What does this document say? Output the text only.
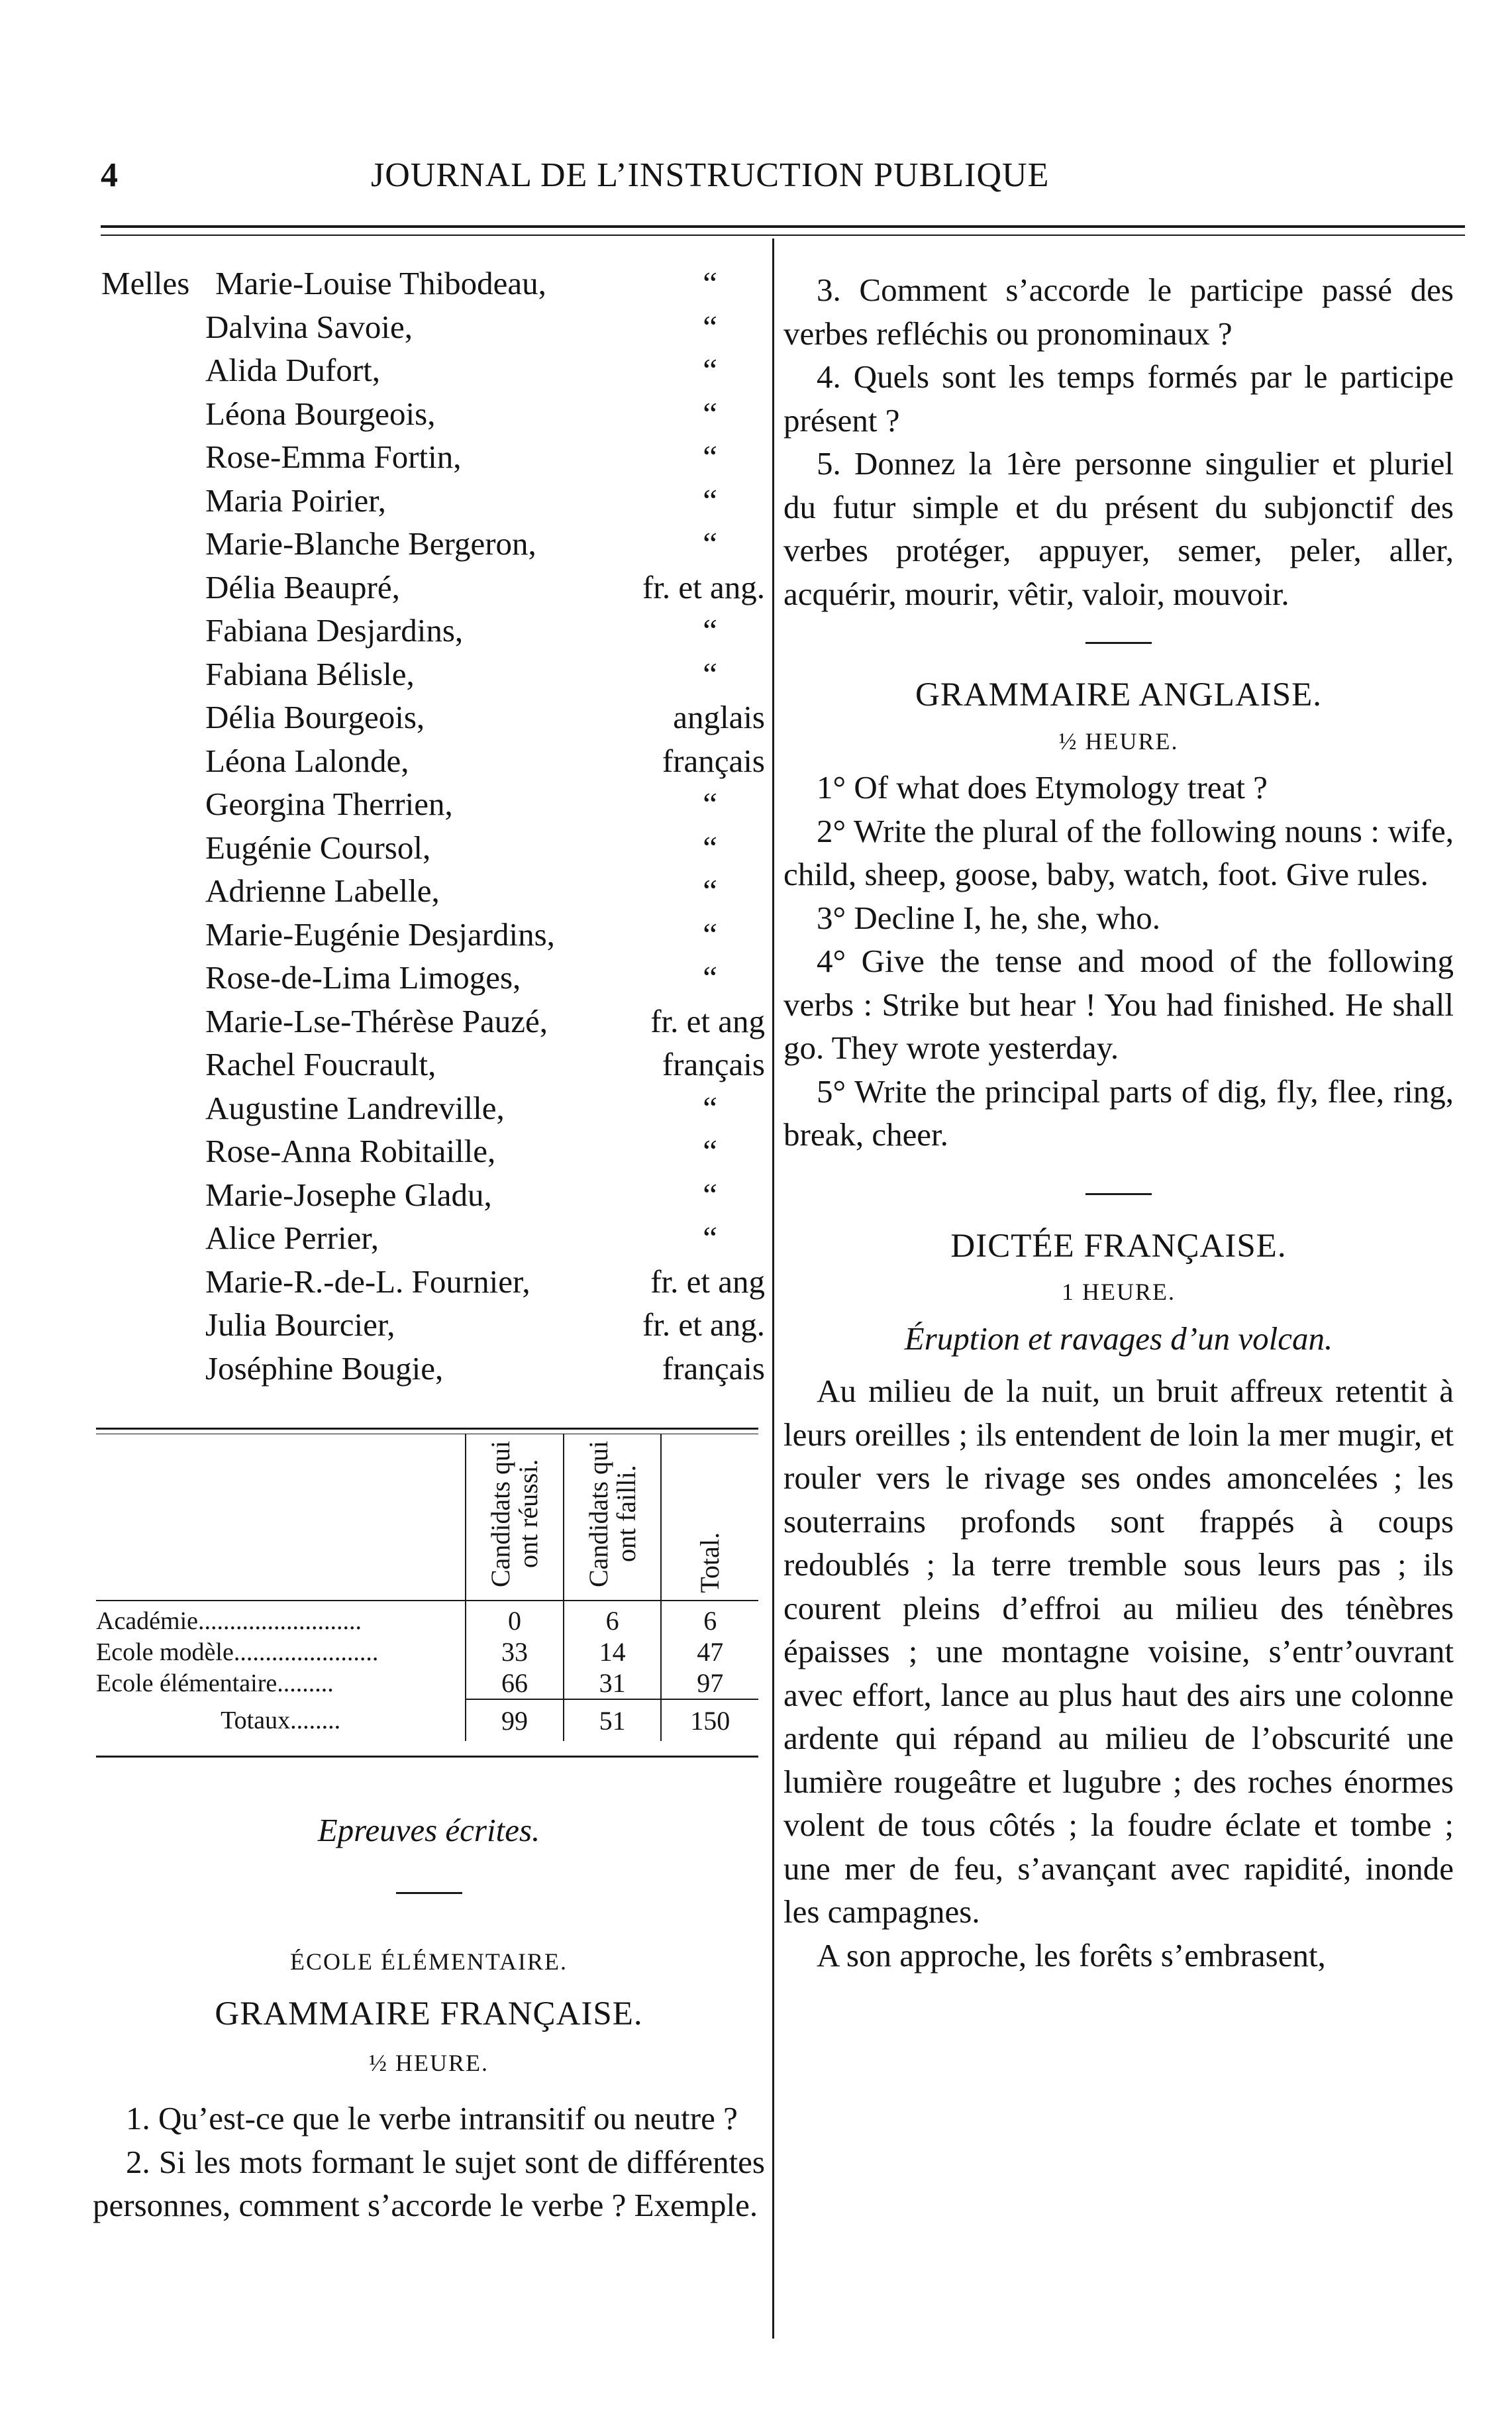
4	JOURNAL DE L’INSTRUCTION PUBLIQUE
Melles Marie-Louise Thibodeau,	“
Dalvina Savoie,	“
Alida Dufort,	“
Léona Bourgeois,	“
Rose-Emma Fortin,	“
Maria Poirier,	“
Marie-Blanche Bergeron,	“
Délia Beaupré,	fr. et ang.
Fabiana Desjardins,	“
Fabiana Bélisle,	“
Délia Bourgeois,	anglais
Léona Lalonde,	français
Georgina Therrien,	“
Eugénie Coursol,	“
Adrienne Labelle,	“
Marie-Eugénie Desjardins,	“
Rose-de-Lima Limoges,	“
Marie-Lse-Thérèse Pauzé,	fr. et ang
Rachel Foucrault,	français
Augustine Landreville,	“
Rose-Anna Robitaille,	“
Marie-Josephe Gladu,	“
Alice Perrier,	“
Marie-R.-de-L. Fournier,	fr. et ang
Julia Bourcier,	fr. et ang.
Joséphine Bougie,	français
	Candidats qui ont réussi.	Candidats qui ont failli.	Total.

Académie..........................	0	6	6
Ecole modèle.......................	33	14	47
Ecole élémentaire.........	66	31	97
Totaux........	99	51	150
Epreuves écrites.
ÉCOLE ÉLÉMENTAIRE.
GRAMMAIRE FRANÇAISE.
½ HEURE.
1. Qu’est-ce que le verbe intransitif ou neutre ?
2. Si les mots formant le sujet sont de différentes personnes, comment s’accorde le verbe ? Exemple.
3. Comment s’accorde le participe passé des verbes refléchis ou pronominaux ?
4. Quels sont les temps formés par le participe présent ?
5. Donnez la 1ère personne singulier et pluriel du futur simple et du présent du subjonctif des verbes protéger, appuyer, semer, peler, aller, acquérir, mourir, vêtir, valoir, mouvoir.
GRAMMAIRE ANGLAISE.
½ HEURE.
1° Of what does Etymology treat ?
2° Write the plural of the following nouns : wife, child, sheep, goose, baby, watch, foot. Give rules.
3° Decline I, he, she, who.
4° Give the tense and mood of the following verbs : Strike but hear ! You had finished. He shall go. They wrote yesterday.
5° Write the principal parts of dig, fly, flee, ring, break, cheer.
DICTÉE FRANÇAISE.
1 HEURE.
Éruption et ravages d’un volcan.
Au milieu de la nuit, un bruit affreux retentit à leurs oreilles ; ils entendent de loin la mer mugir, et rouler vers le rivage ses ondes amoncelées ; les souterrains profonds sont frappés à coups redoublés ; la terre tremble sous leurs pas ; ils courent pleins d’effroi au milieu des ténèbres épaisses ; une montagne voisine, s’entr’ouvrant avec effort, lance au plus haut des airs une colonne ardente qui répand au milieu de l’obscurité une lumière rougeâtre et lugubre ; des roches énormes volent de tous côtés ; la foudre éclate et tombe ; une mer de feu, s’avançant avec rapidité, inonde les campagnes.
A son approche, les forêts s’embrasent,
